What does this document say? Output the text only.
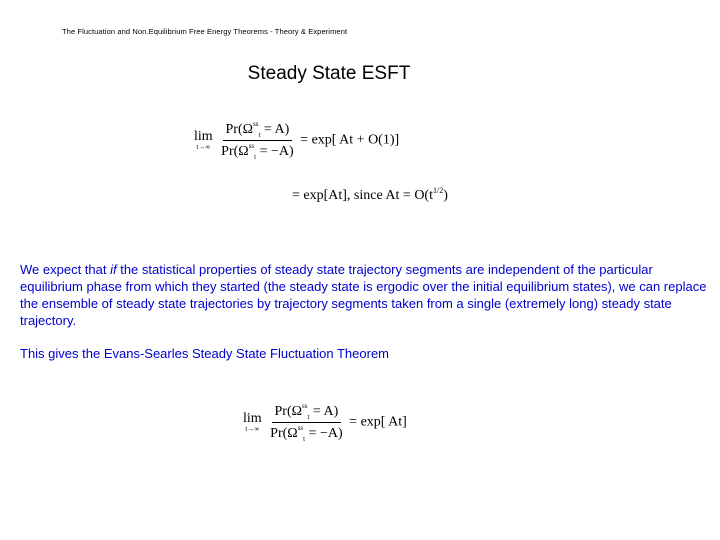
The Fluctuation and Non.Equilibrium Free Energy Theorems - Theory & Experiment
Steady State ESFT
lim
t→∞
$\frac{Pr(\Omega^{ss}_t = A)}{Pr(\Omega^{ss}_t = -A)} = \exp$[ At + O(1)]
= exp[At], since $At = O(t^{1/2})$
We expect that if the statistical properties of steady state trajectory segments are independent of the particular equilibrium phase from which they started (the steady state is ergodic over the initial equilibrium states), we can replace the ensemble of steady state trajectories by trajectory segments taken from a single (extremely long) steady state trajectory.
This gives the Evans-Searles Steady State Fluctuation Theorem
lim
t→∞
$\frac{Pr(\Omega^{ss}_t = A)}{Pr(\Omega^{ss}_t = -A)} = \exp$[ At]
